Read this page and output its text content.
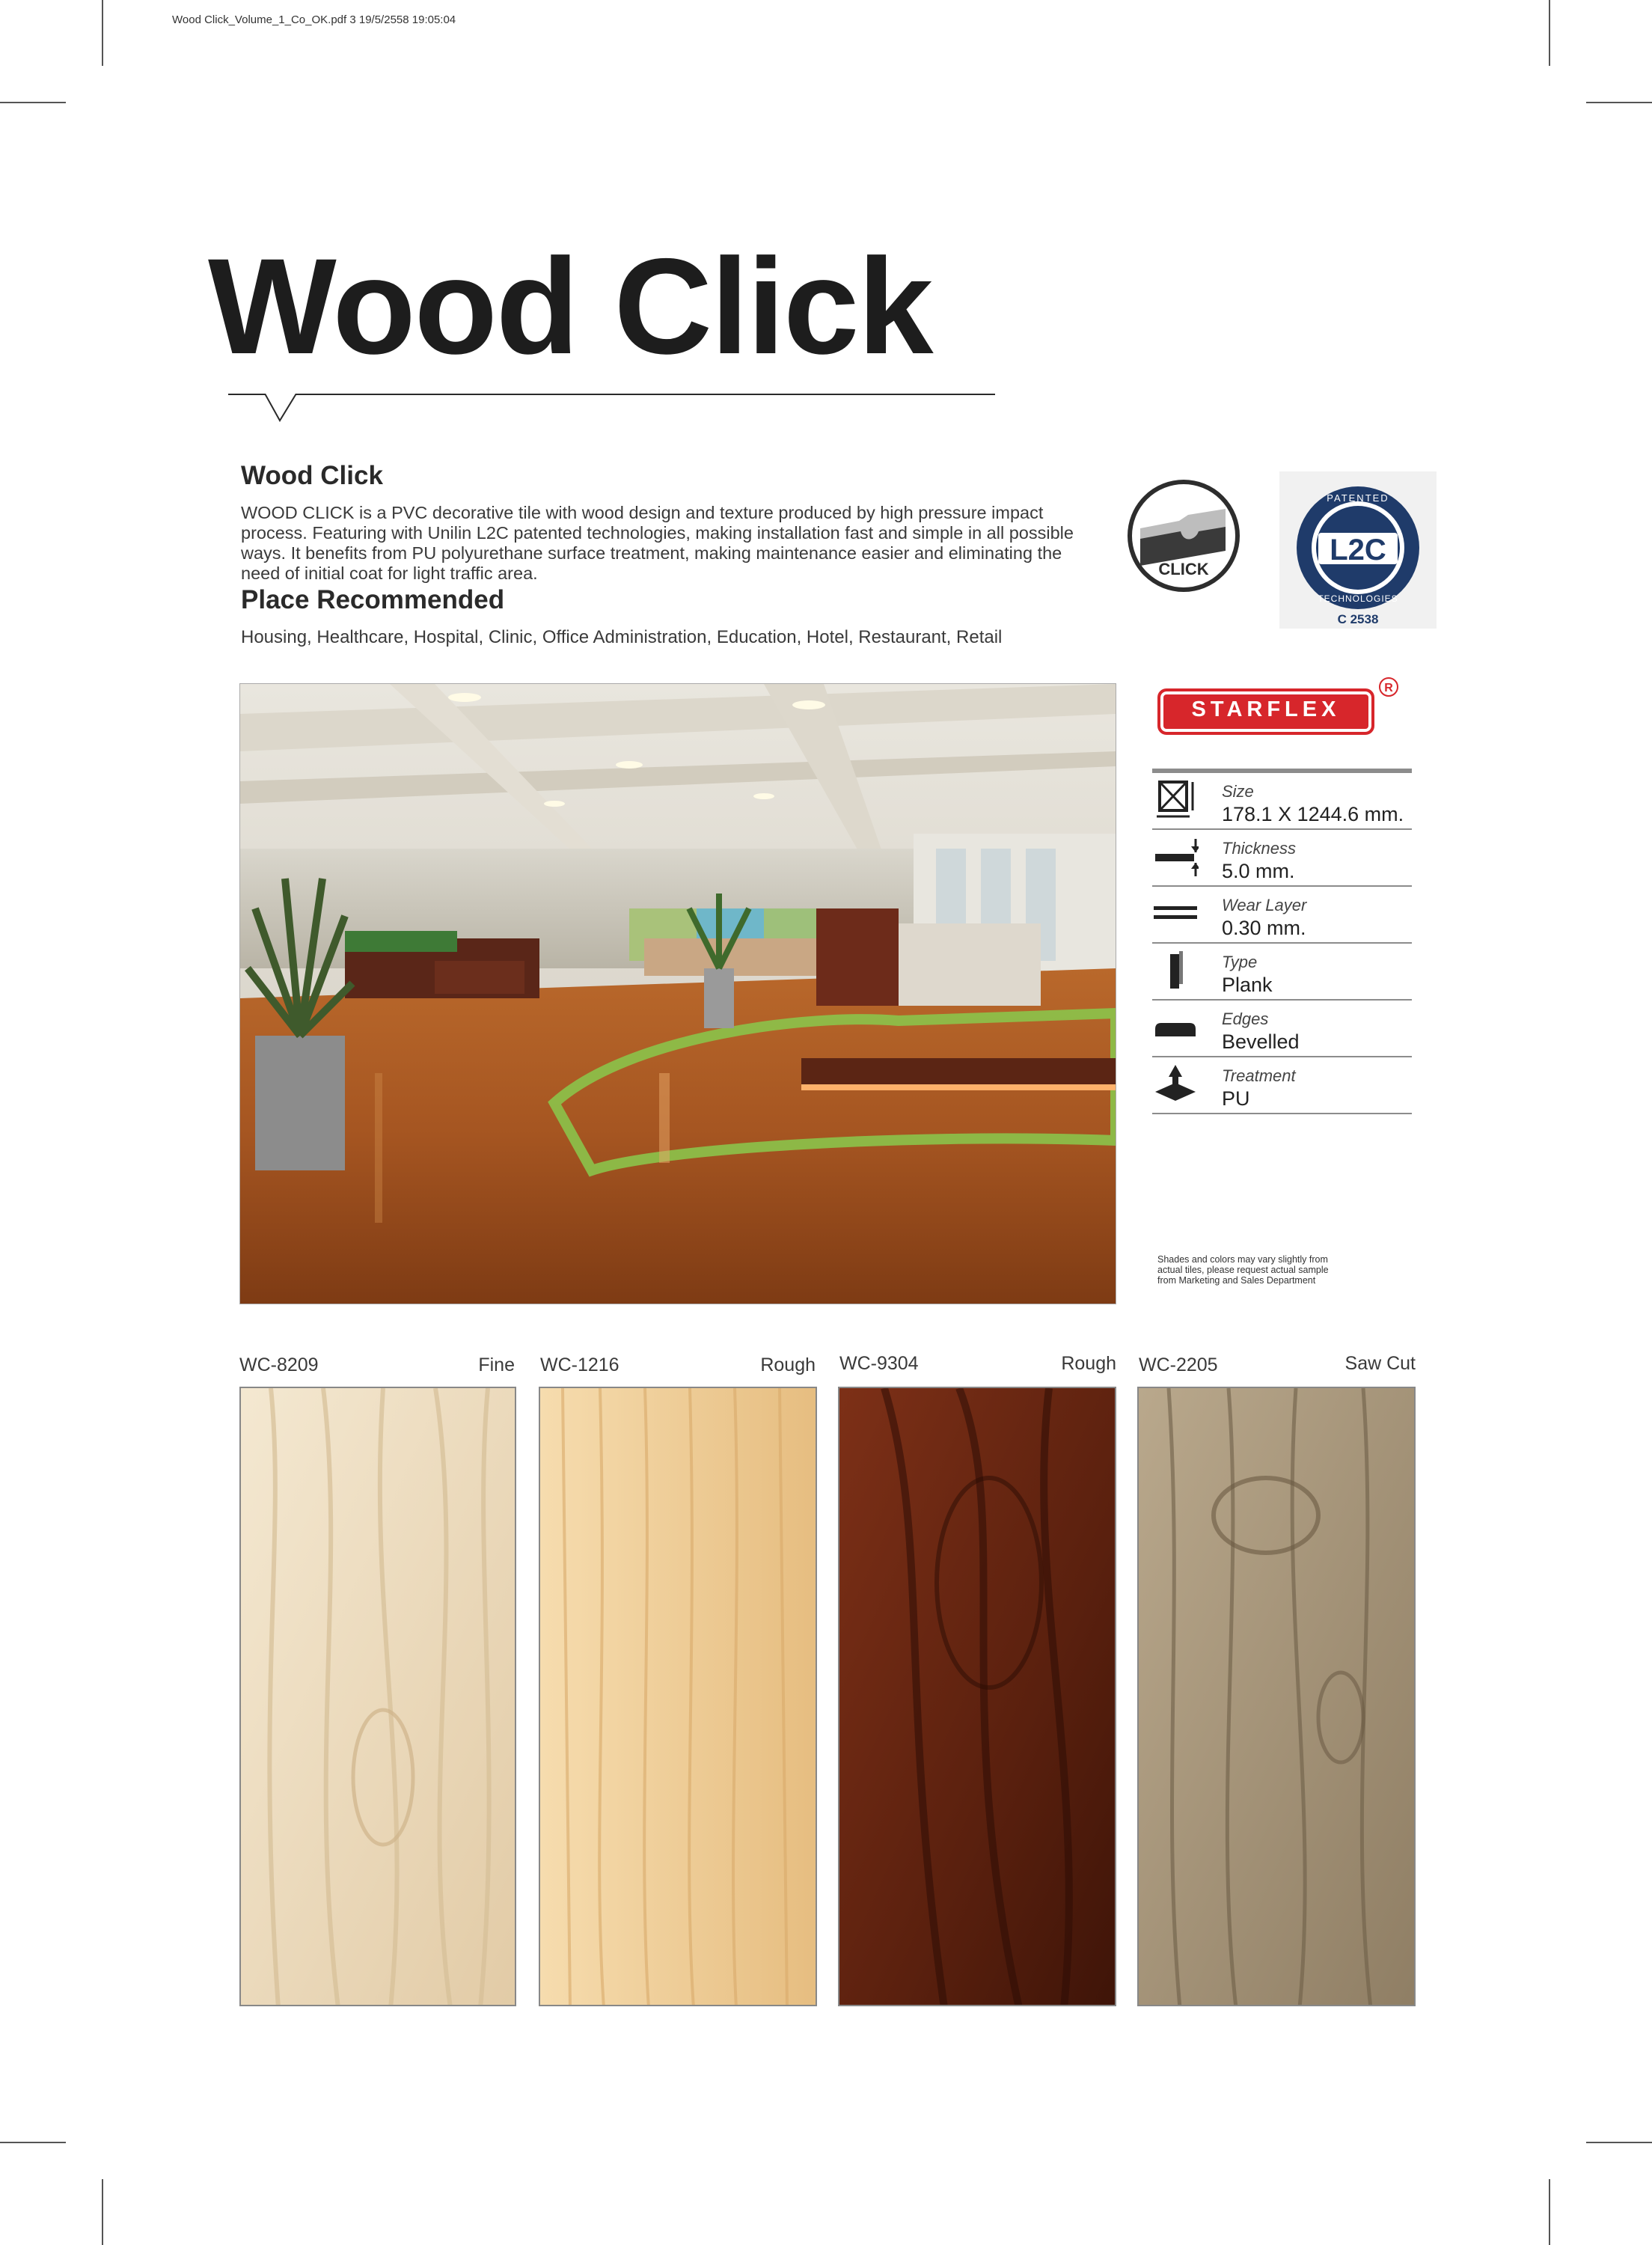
Wood Click_Volume_1_Co_OK.pdf 3 19/5/2558 19:05:04
Wood Click
Wood Click
WOOD CLICK is a PVC decorative tile with wood design and texture produced by high pressure impact process. Featuring with Unilin L2C patented technologies, making installation fast and simple in all possible ways. It benefits from PU polyurethane surface treatment, making maintenance easier and eliminating the need of initial coat for light traffic area.
Place Recommended
Housing, Healthcare, Hospital, Clinic, Office Administration, Education, Hotel, Restaurant, Retail
CLICK
L2C
PATENTED
TECHNOLOGIES
C 2538
STARFLEX
R
Size
178.1 X 1244.6 mm.
Thickness
5.0 mm.
Wear Layer
0.30 mm.
Type
Plank
Edges
Bevelled
Treatment
PU
Shades and colors may vary slightly from actual tiles, please request actual sample from Marketing and Sales Department
WC-8209	Fine WC-1216	Rough WC-9304	Rough WC-2205	Saw Cut
